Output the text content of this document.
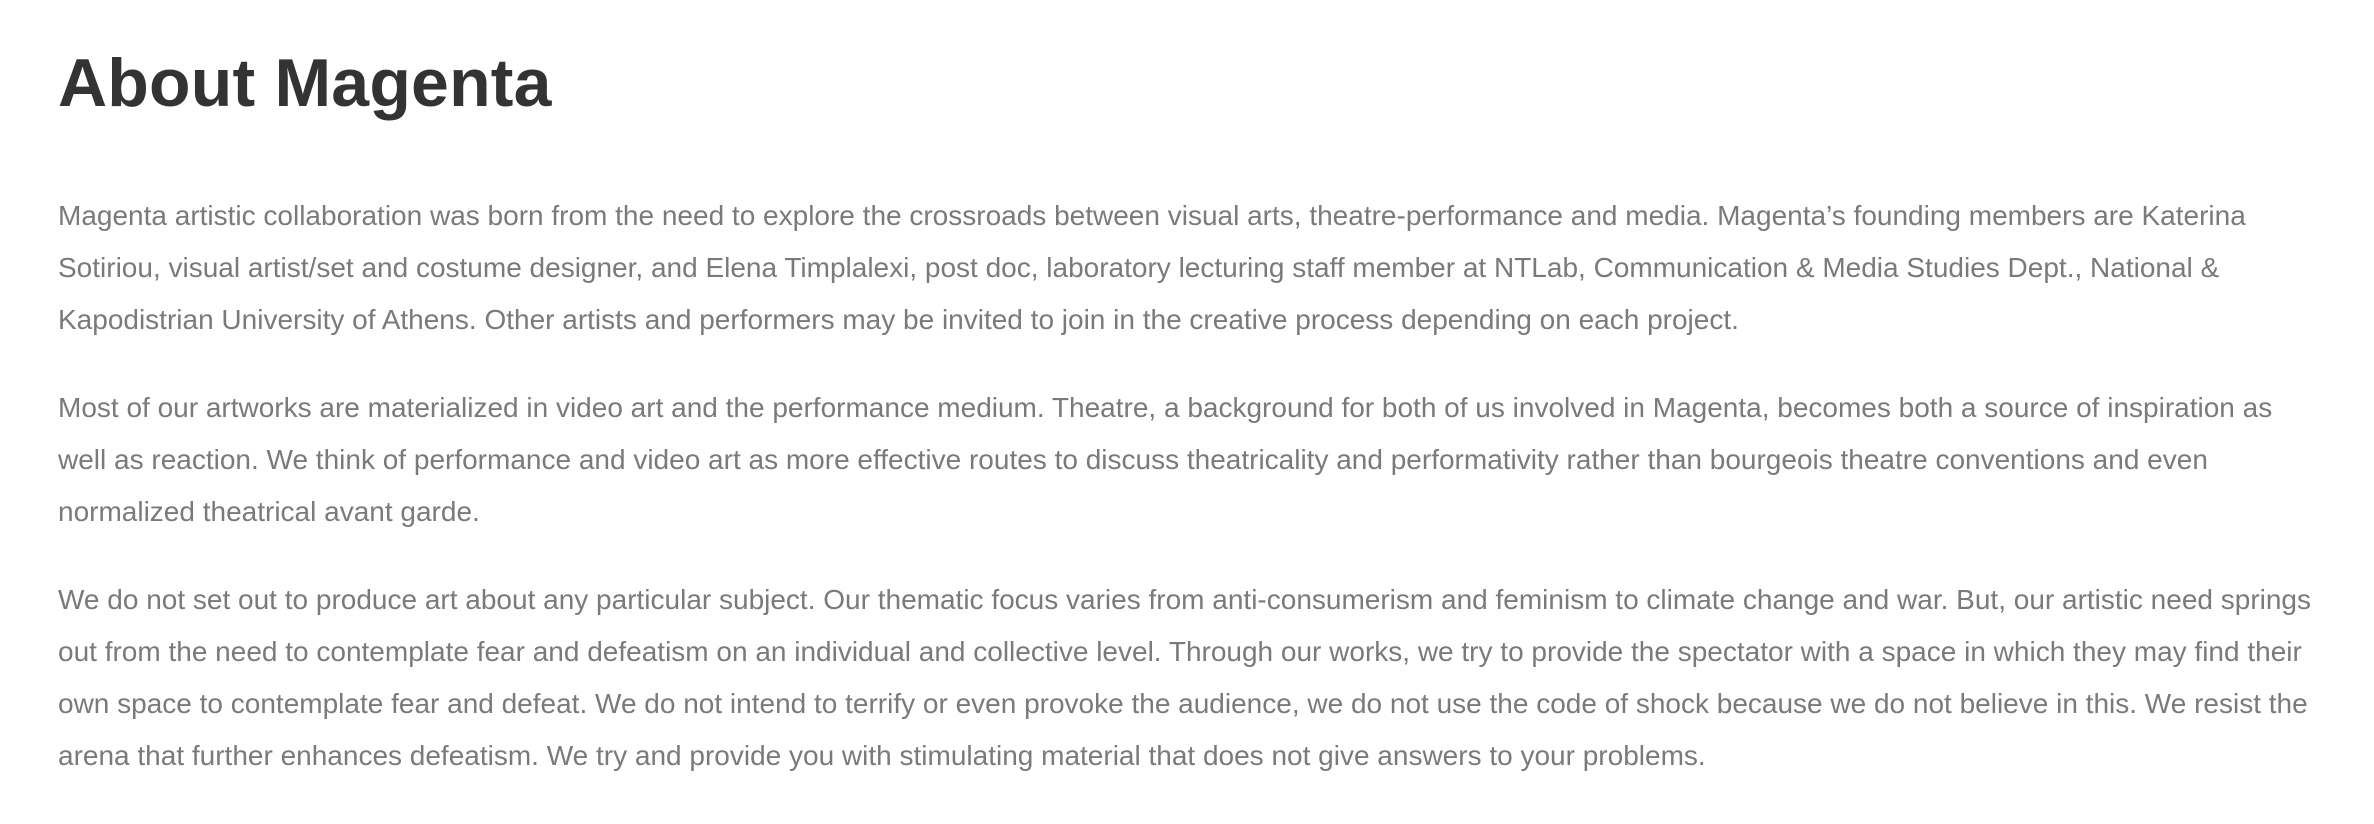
About Magenta

Magenta artistic collaboration was born from the need to explore the crossroads between visual arts, theatre-performance and media. Magenta’s founding members are Katerina Sotiriou, visual artist/set and costume designer, and Elena Timplalexi, post doc, laboratory lecturing staff member at NTLab, Communication & Media Studies Dept., National & Kapodistrian University of Athens. Other artists and performers may be invited to join in the creative process depending on each project.

Most of our artworks are materialized in video art and the performance medium. Theatre, a background for both of us involved in Magenta, becomes both a source of inspiration as well as reaction. We think of performance and video art as more effective routes to discuss theatricality and performativity rather than bourgeois theatre conventions and even normalized theatrical avant garde.

We do not set out to produce art about any particular subject. Our thematic focus varies from anti-consumerism and feminism to climate change and war. But, our artistic need springs out from the need to contemplate fear and defeatism on an individual and collective level. Through our works, we try to provide the spectator with a space in which they may find their own space to contemplate fear and defeat. We do not intend to terrify or even provoke the audience, we do not use the code of shock because we do not believe in this. We resist the arena that further enhances defeatism. We try and provide you with stimulating material that does not give answers to your problems.
